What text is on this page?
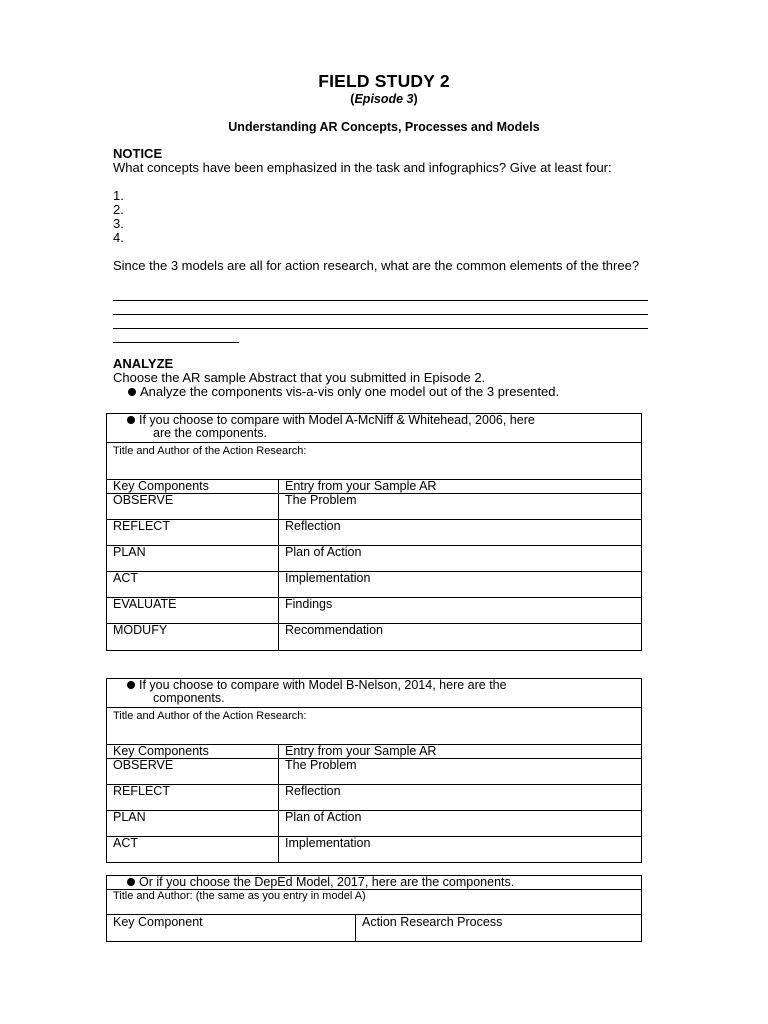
FIELD STUDY 2
(Episode 3)
Understanding AR Concepts, Processes and Models
NOTICE
What concepts have been emphasized in the task and infographics? Give at least four:
1.
2.
3.
4.
Since the 3 models are all for action research, what are the common elements of the three?
ANALYZE
Choose the AR sample Abstract that you submitted in Episode 2.
Analyze the components vis-a-vis only one model out of the 3 presented.
If you choose to compare with Model A-McNiff & Whitehead, 2006, here
are the components.	

Title and Author of the Action Research:	
Key Components	Entry from your Sample AR
OBSERVE	The Problem
REFLECT	Reflection
PLAN	Plan of Action
ACT	Implementation
EVALUATE	Findings
MODUFY	Recommendation
If you choose to compare with Model B-Nelson, 2014, here are the
components.	

Title and Author of the Action Research:	
Key Components	Entry from your Sample AR
OBSERVE	The Problem
REFLECT	Reflection
PLAN	Plan of Action
ACT	Implementation
Or if you choose the DepEd Model, 2017, here are the components.
Title and Author: (the same as you entry in model A)
Key Component	Action Research Process
